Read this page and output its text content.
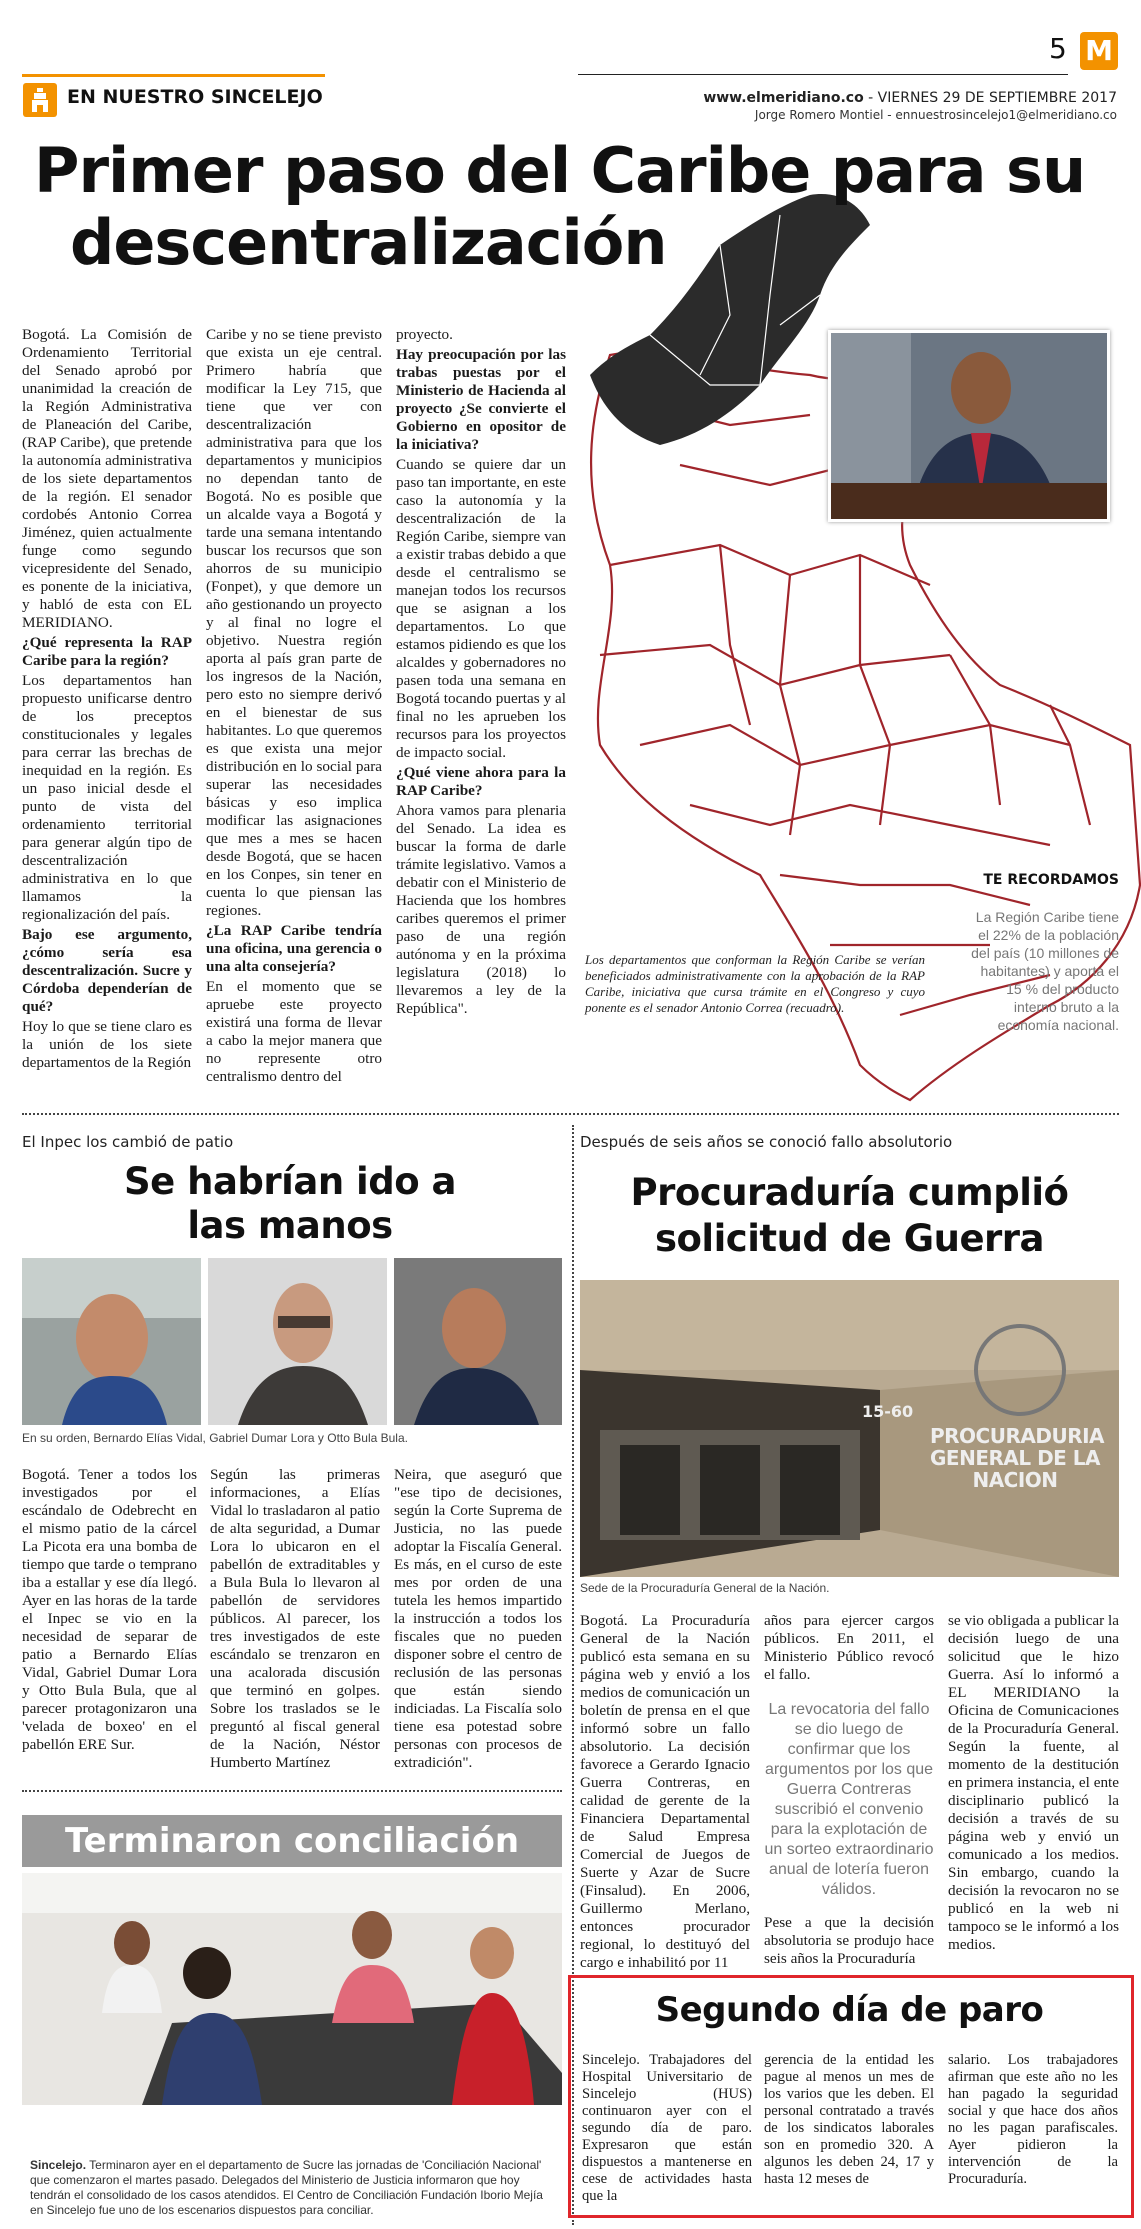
EN NUESTRO SINCELEJO
5 M
www.elmeridiano.co - VIERNES 29 DE SEPTIEMBRE 2017
Jorge Romero Montiel - ennuestrosincelejo1@elmeridiano.co
Primer paso del Caribe para su
descentralización

Bogotá. La Comisión de Ordenamiento Territorial del Senado aprobó por unanimidad la creación de la Región Administrativa de Planeación del Caribe, (RAP Caribe), que pretende la autonomía administrativa de los siete departamentos de la región. El senador cordobés Antonio Correa Jiménez, quien actualmente funge como segundo vicepresidente del Senado, es ponente de la iniciativa, y habló de esta con EL MERIDIANO.

¿Qué representa la RAP Caribe para la región?

Los departamentos han propuesto unificarse dentro de los preceptos constitucionales y legales para cerrar las brechas de inequidad en la región. Es un paso inicial desde el punto de vista del ordenamiento territorial para generar algún tipo de descentralización administrativa en lo que llamamos la regionalización del país.

Bajo ese argumento, ¿cómo sería esa descentralización. Sucre y Córdoba dependerían de qué?

Hoy lo que se tiene claro es la unión de los siete departamentos de la Región

Caribe y no se tiene previsto que exista un eje central. Primero habría que modificar la Ley 715, que tiene que ver con descentralización administrativa para que los departamentos y municipios no dependan tanto de Bogotá. No es posible que un alcalde vaya a Bogotá y tarde una semana intentando buscar los recursos que son ahorros de su municipio (Fonpet), y que demore un año gestionando un proyecto y al final no logre el objetivo. Nuestra región aporta al país gran parte de los ingresos de la Nación, pero esto no siempre derivó en el bienestar de sus habitantes. Lo que queremos es que exista una mejor distribución en lo social para superar las necesidades básicas y eso implica modificar las asignaciones que mes a mes se hacen desde Bogotá, que se hacen en los Conpes, sin tener en cuenta lo que piensan las regiones.

¿La RAP Caribe tendría una oficina, una gerencia o una alta consejería?

En el momento que se apruebe este proyecto existirá una forma de llevar a cabo la mejor manera que no represente otro centralismo dentro del

proyecto.

Hay preocupación por las trabas puestas por el Ministerio de Hacienda al proyecto ¿Se convierte el Gobierno en opositor de la iniciativa?

Cuando se quiere dar un paso tan importante, en este caso la autonomía y la descentralización de la Región Caribe, siempre van a existir trabas debido a que desde el centralismo se manejan todos los recursos que se asignan a los departamentos. Lo que estamos pidiendo es que los alcaldes y gobernadores no pasen toda una semana en Bogotá tocando puertas y al final no les aprueben los recursos para los proyectos de impacto social.

¿Qué viene ahora para la RAP Caribe?

Ahora vamos para plenaria del Senado. La idea es buscar la forma de darle trámite legislativo. Vamos a debatir con el Ministerio de Hacienda que los hombres caribes queremos el primer paso de una región autónoma y en la próxima legislatura (2018) lo llevaremos a ley de la República".

Los departamentos que conforman la Región Caribe se verían beneficiados administrativamente con la aprobación de la RAP Caribe, iniciativa que cursa trámite en el Congreso y cuyo ponente es el senador Antonio Correa (recuadro).
TE RECORDAMOS
La Región Caribe tiene el 22% de la población del país (10 millones de habitantes) y aporta el 15 % del producto interno bruto a la economía nacional.
El Inpec los cambió de patio
Se habrían ido a las manos
En su orden, Bernardo Elías Vidal, Gabriel Dumar Lora y Otto Bula Bula.

Bogotá. Tener a todos los investigados por el escándalo de Odebrecht en el mismo patio de la cárcel La Picota era una bomba de tiempo que tarde o temprano iba a estallar y ese día llegó. Ayer en las horas de la tarde el Inpec se vio en la necesidad de separar de patio a Bernardo Elías Vidal, Gabriel Dumar Lora y Otto Bula Bula, que al parecer protagonizaron una 'velada de boxeo' en el pabellón ERE Sur.

Según las primeras informaciones, a Elías Vidal lo trasladaron al patio de alta seguridad, a Dumar Lora lo ubicaron en el pabellón de extraditables y a Bula Bula lo llevaron al pabellón de servidores públicos. Al parecer, los tres investigados de este escándalo se trenzaron en una acalorada discusión que terminó en golpes. Sobre los traslados se le preguntó al fiscal general de la Nación, Néstor Humberto Martínez

Neira, que aseguró que "ese tipo de decisiones, según la Corte Suprema de Justicia, no las puede adoptar la Fiscalía General. Es más, en el curso de este mes por orden de una tutela les hemos impartido la instrucción a todos los fiscales que no pueden disponer sobre el centro de reclusión de las personas que están siendo indiciadas. La Fiscalía solo tiene esa potestad sobre personas con procesos de extradición".

Terminaron conciliación
Sincelejo. Terminaron ayer en el departamento de Sucre las jornadas de 'Conciliación Nacional' que comenzaron el martes pasado. Delegados del Ministerio de Justicia informaron que hoy tendrán el consolidado de los casos atendidos. El Centro de Conciliación Fundación Iborio Mejía en Sincelejo fue uno de los escenarios dispuestos para conciliar.
Después de seis años se conoció fallo absolutorio
Procuraduría cumplió
solicitud de Guerra
15-60
PROCURADURIA GENERAL DE LA NACION
Sede de la Procuraduría General de la Nación.

Bogotá. La Procuraduría General de la Nación publicó esta semana en su página web y envió a los medios de comunicación un boletín de prensa en el que informó sobre un fallo absolutorio. La decisión favorece a Gerardo Ignacio Guerra Contreras, en calidad de gerente de la Financiera Departamental de Salud Empresa Comercial de Juegos de Suerte y Azar de Sucre (Finsalud). En 2006, Guillermo Merlano, entonces procurador regional, lo destituyó del cargo e inhabilitó por 11

años para ejercer cargos públicos. En 2011, el Ministerio Público revocó el fallo.

La revocatoria del fallo se dio luego de confirmar que los argumentos por los que Guerra Contreras suscribió el convenio para la explotación de un sorteo extraordinario anual de lotería fueron válidos.

Pese a que la decisión absolutoria se produjo hace seis años la Procuraduría

se vio obligada a publicar la decisión luego de una solicitud que le hizo Guerra. Así lo informó a EL MERIDIANO la Oficina de Comunicaciones de la Procuraduría General. Según la fuente, al momento de la destitución en primera instancia, el ente disciplinario publicó la decisión a través de su página web y envió un comunicado a los medios. Sin embargo, cuando la decisión la revocaron no se publicó en la web ni tampoco se le informó a los medios.

Segundo día de paro

Sincelejo. Trabajadores del Hospital Universitario de Sincelejo (HUS) continuaron ayer con el segundo día de paro. Expresaron que están dispuestos a mantenerse en cese de actividades hasta que la

gerencia de la entidad les pague al menos un mes de los varios que les deben. El personal contratado a través de los sindicatos laborales son en promedio 320. A algunos les deben 24, 17 y hasta 12 meses de

salario. Los trabajadores afirman que este año no les han pagado la seguridad social y que hace dos años no les pagan parafiscales. Ayer pidieron la intervención de la Procuraduría.
